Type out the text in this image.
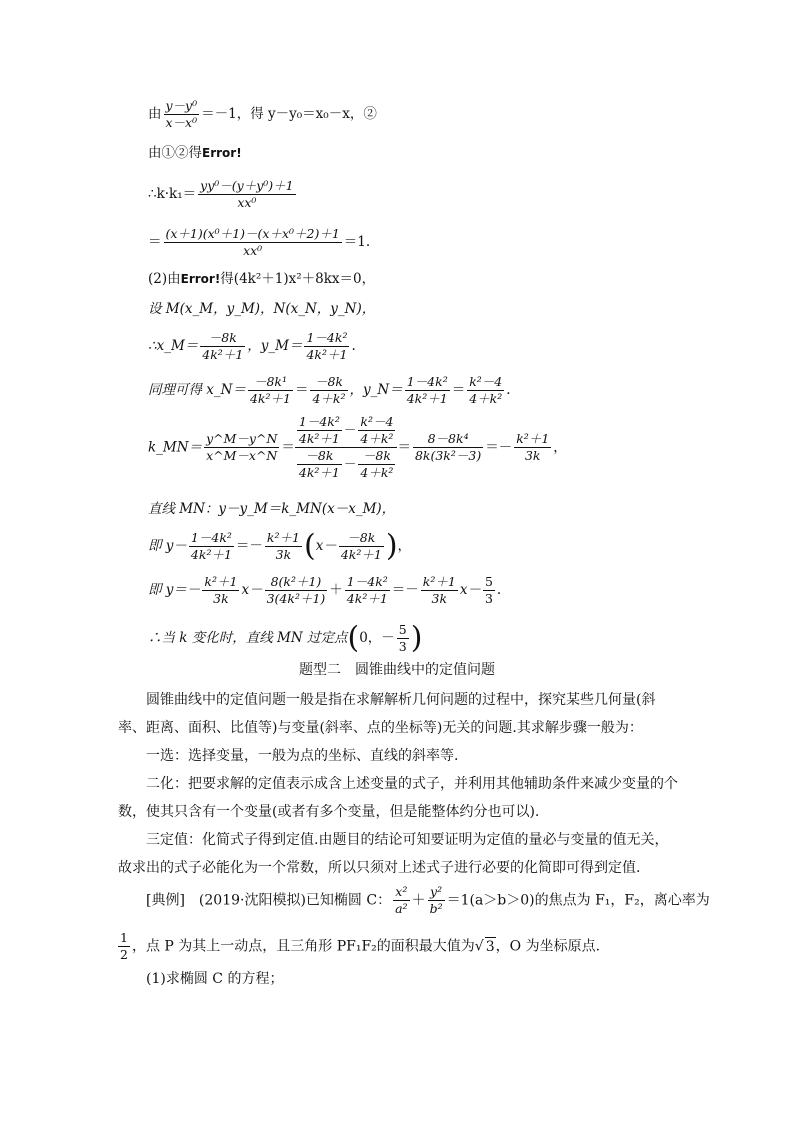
由 $\frac{\text{y－y⁰}}{\text{x－x⁰}} =-1$，得 y－y₀＝x₀－x，②
由①②得Error!
∴k·k₁＝ $\frac{\text{yy⁰－(y＋y⁰)＋1}}{\text{xx⁰}}$
＝ $\frac{\text{(x＋1)(x⁰＋1)－(x＋x⁰＋2)＋1}}{\text{xx⁰}} =1$.
(2)由Error!得(4k²＋1)x²＋8kx＝0，
设 M(x_M，y_M)，N(x_N，y_N)，
∴x_M＝ $\frac{-8k}{\text{4k²＋1}}$ ，y_M＝ $\frac{\text{1－4k²}}{\text{4k²＋1}}$ .
同理可得 x_N＝ $\frac{\text{－8k¹}}{\text{4k²＋1}} = \frac{-8k}{\text{4＋k²}}$ ，y_N＝ $\frac{\text{1－4k²}}{\text{4k²＋1}} = \frac{\text{k²－4}}{\text{4＋k²}}$ .
k_MN＝ $\frac{y\^{}M-y\^{}N}{x\^{}M-x\^{}N} = \frac{\frac{\text{1－4k²}}{\text{4k²＋1}} - \frac{\text{k²－4}}{\text{4＋k²}}}{\frac{-8k}{\text{4k²＋1}} - \frac{-8k}{\text{4＋k²}}} = \frac{\text{8－8k⁴}}{\text{8k(3k²－3)}} =- \frac{\text{k²＋1}}{3k}$ ，
直线 MN：y－y_M＝k_MN(x－x_M)，
即 $y- \frac{\text{1－4k²}}{\text{4k²＋1}} =- \frac{\text{k²＋1}}{3k} (x- \frac{-8k}{\text{4k²＋1}}$ )，
即 $y=- \frac{\text{k²＋1}}{3k} x- \frac{\text{8(k²＋1)}}{\text{3(4k²＋1)}} + \frac{\text{1－4k²}}{\text{4k²＋1}} =- \frac{\text{k²＋1}}{3k} x- \frac{5}{3}$ .
∴当 k 变化时，直线 MN 过定点(0，－ $\frac{5}{3}$ )
题型二　圆锥曲线中的定值问题
圆锥曲线中的定值问题一般是指在求解解析几何问题的过程中，探究某些几何量(斜率、距离、面积、比值等)与变量(斜率、点的坐标等)无关的问题.其求解步骤一般为：
一选：选择变量，一般为点的坐标、直线的斜率等.
二化：把要求解的定值表示成含上述变量的式子，并利用其他辅助条件来减少变量的个数，使其只含有一个变量(或者有多个变量，但是能整体约分也可以).
三定值：化简式子得到定值.由题目的结论可知要证明为定值的量必与变量的值无关，故求出的式子必能化为一个常数，所以只须对上述式子进行必要的化简即可得到定值.
[典例]　(2019·沈阳模拟)已知椭圆 C： $\frac{\text{x²}}{\text{a²}} + \frac{\text{y²}}{\text{b²}} =1(a>b>0)$的焦点为 F₁，F₂，离心率为
$\frac{1}{2}$ ，点 P 为其上一动点，且三角形 PF₁F₂的面积最大值为√ 3，O 为坐标原点.
(1)求椭圆 C 的方程；
